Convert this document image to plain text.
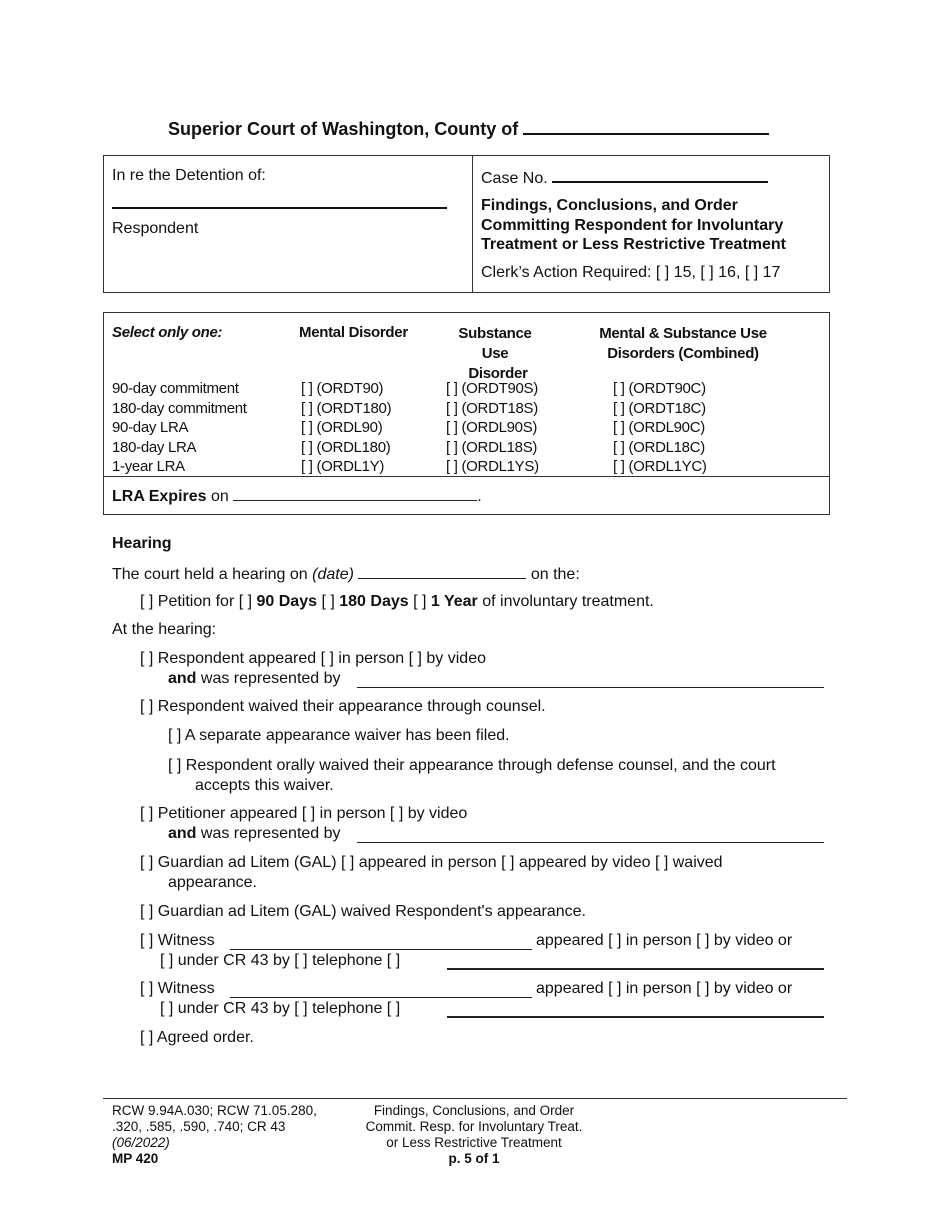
Superior Court of Washington, County of
In re the Detention of:
Respondent
Case No.
Findings, Conclusions, and Order
Committing Respondent for Involuntary
Treatment or Less Restrictive Treatment
Clerk’s Action Required: [ ] 15, [ ] 16, [ ] 17
Select only one:	Mental Disorder	Substance Use
Disorder
Mental & Substance Use
Disorders (Combined)
90-day commitment	[ ] (ORDT90)	[ ] (ORDT90S)	[ ] (ORDT90C)
180-day commitment	[ ] (ORDT180)	[ ] (ORDT18S)	[ ] (ORDT18C)
90-day LRA	[ ] (ORDL90)	[ ] (ORDL90S)	[ ] (ORDL90C)
180-day LRA	[ ] (ORDL180)	[ ] (ORDL18S)	[ ] (ORDL18C)
1-year LRA	[ ] (ORDL1Y)	[ ] (ORDL1YS)	[ ] (ORDL1YC)
LRA Expires on	.
Hearing
The court held a hearing on (date)	on the:
[ ] Petition for [ ] 90 Days [ ] 180 Days [ ] 1 Year of involuntary treatment.
At the hearing:
[ ] Respondent appeared [ ] in person [ ] by video
and was represented by
[ ] Respondent waived their appearance through counsel.
[ ] A separate appearance waiver has been filed.
[ ] Respondent orally waived their appearance through defense counsel, and the court
accepts this waiver.
[ ] Petitioner appeared [ ] in person [ ] by video
and was represented by
[ ] Guardian ad Litem (GAL) [ ] appeared in person [ ] appeared by video [ ] waived
appearance.
[ ] Guardian ad Litem (GAL) waived Respondent's appearance.
[ ] Witness	appeared [ ] in person [ ] by video or
[ ] under CR 43 by [ ] telephone [ ]
[ ] Witness	appeared [ ] in person [ ] by video or
[ ] under CR 43 by [ ] telephone [ ]
[ ] Agreed order.
RCW 9.94A.030; RCW 71.05.280,
.320, .585, .590, .740; CR 43
(06/2022)
MP 420
Findings, Conclusions, and Order
Commit. Resp. for Involuntary Treat.
or Less Restrictive Treatment
p. 5 of 1
